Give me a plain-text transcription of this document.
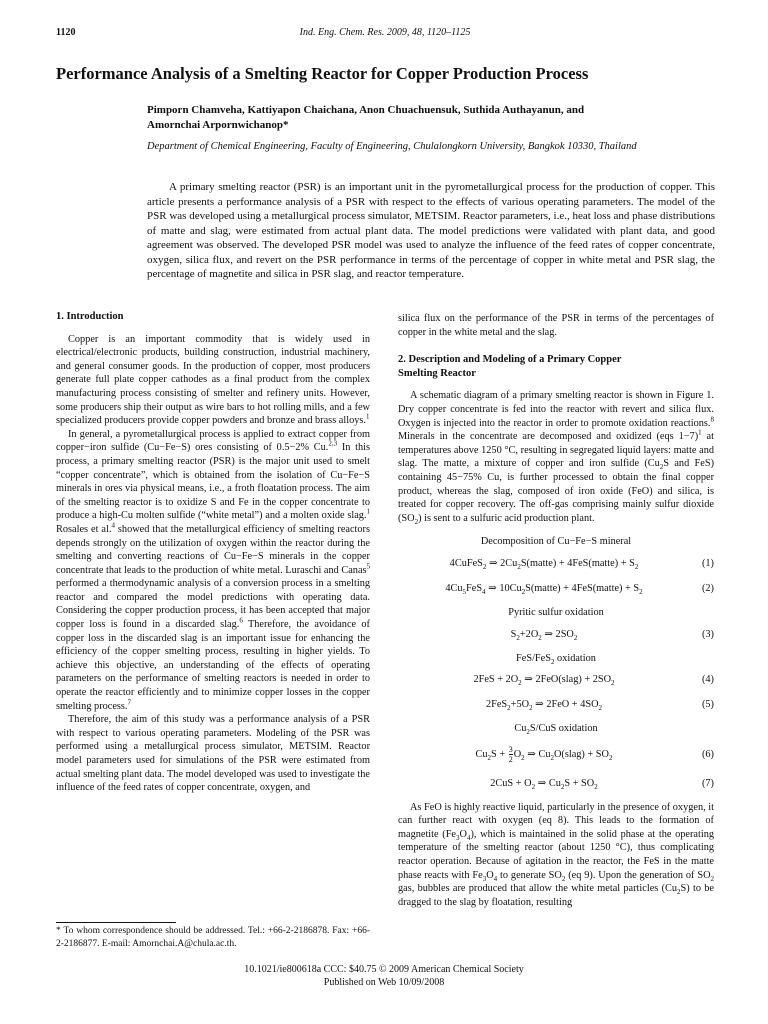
1120	Ind. Eng. Chem. Res. 2009, 48, 1120–1125
Performance Analysis of a Smelting Reactor for Copper Production Process
Pimporn Chamveha, Kattiyapon Chaichana, Anon Chuachuensuk, Suthida Authayanun, and
Amornchai Arpornwichanop*
Department of Chemical Engineering, Faculty of Engineering, Chulalongkorn University, Bangkok 10330, Thailand

A primary smelting reactor (PSR) is an important unit in the pyrometallurgical process for the production of copper. This article presents a performance analysis of a PSR with respect to the effects of various operating parameters. The model of the PSR was developed using a metallurgical process simulator, METSIM. Reactor parameters, i.e., heat loss and phase distributions of matte and slag, were estimated from actual plant data. The model predictions were validated with plant data, and good agreement was observed. The developed PSR model was used to analyze the influence of the feed rates of copper concentrate, oxygen, silica flux, and revert on the PSR performance in terms of the percentage of copper in white metal and PSR slag, the percentage of magnetite and silica in PSR slag, and reactor temperature.

1. Introduction

Copper is an important commodity that is widely used in electrical/electronic products, building construction, industrial machinery, and general consumer goods. In the production of copper, most producers generate full plate copper cathodes as a final product from the complex manufacturing process consisting of smelter and refinery units. However, some producers ship their output as wire bars to hot rolling mills, and a few specialized producers provide copper powders and bronze and brass alloys.$^1$

In general, a pyrometallurgical process is applied to extract copper from copper−iron sulfide (Cu−Fe−S) ores consisting of 0.5−2% Cu.$^{2,3}$ In this process, a primary smelting reactor (PSR) is the major unit used to smelt “copper concentrate”, which is obtained from the isolation of Cu−Fe−S minerals in ores via physical means, i.e., a froth floatation process. The aim of the smelting reactor is to oxidize S and Fe in the copper concentrate to produce a high-Cu molten sulfide (“white metal”) and a molten oxide slag.$^1$ Rosales et al.$^4$ showed that the metallurgical efficiency of smelting reactors depends strongly on the utilization of oxygen within the reactor during the smelting and converting reactions of Cu−Fe−S minerals in the copper concentrate that leads to the production of white metal. Luraschi and Canas$^5$ performed a thermodynamic analysis of a conversion process in a smelting reactor and compared the model predictions with operating data. Considering the copper production process, it has been accepted that major copper loss is found in a discarded slag.$^6$ Therefore, the avoidance of copper loss in the discarded slag is an important issue for enhancing the efficiency of the copper smelting process, resulting in higher yields. To achieve this objective, an understanding of the effects of operating parameters on the performance of smelting reactors is needed in order to operate the reactor efficiently and to minimize copper losses in the copper smelting process.$^7$

Therefore, the aim of this study was a performance analysis of a PSR with respect to various operating parameters. Modeling of the PSR was performed using a metallurgical process simulator, METSIM. Reactor model parameters used for simulations of the PSR were estimated from actual smelting plant data. The model developed was used to investigate the influence of the feed rates of copper concentrate, oxygen, and

silica flux on the performance of the PSR in terms of the percentages of copper in the white metal and the slag.

2. Description and Modeling of a Primary Copper
Smelting Reactor

A schematic diagram of a primary smelting reactor is shown in Figure 1. Dry copper concentrate is fed into the reactor with revert and silica flux. Oxygen is injected into the reactor in order to promote oxidation reactions.$^8$ Minerals in the concentrate are decomposed and oxidized (eqs 1−7)$^1$ at temperatures above 1250 °C, resulting in segregated liquid layers: matte and slag. The matte, a mixture of copper and iron sulfide ($Cu_2S$ and FeS) containing 45−75% Cu, is further processed to obtain the final copper product, whereas the slag, composed of iron oxide (FeO) and silica, is treated for copper recovery. The off-gas comprising mainly sulfur dioxide $(SO_2)$ is sent to a sulfuric acid production plant.

Decomposition of Cu−Fe−S mineral
4CuFeS$_2$ ⇒ $2Cu_2S(matte)$ + 4FeS(matte) + $S_2$	(1)
$4Cu_5FeS_4$ ⇒ $10Cu_2S(matte)$ + 4FeS(matte) + $S_2$	(2)
Pyritic sulfur oxidation
$S_2+2O_2$ ⇒ $2SO_2$	(3)
FeS/FeS$_2$ oxidation
$2FeS + 2O_2$ ⇒ 2FeO(slag) + $2SO_2$	(4)
$2FeS_2+5O_2$ ⇒ $2FeO + 4SO_2$	(5)
$Cu_2S$/CuS oxidation
$Cu_2S + \frac{3}{2} O_2$ ⇒ $Cu_2O(slag) + SO_2$	(6)
$2CuS + O_2$ ⇒ $Cu_2S + SO_2$	(7)

As FeO is highly reactive liquid, particularly in the presence of oxygen, it can further react with oxygen (eq 8). This leads to the formation of magnetite $(Fe_3O_4)$, which is maintained in the solid phase at the operating temperature of the smelting reactor (about 1250 °C), thus complicating reactor operation. Because of agitation in the reactor, the FeS in the matte phase reacts with $Fe_3O_4$ to generate $SO_2$ (eq 9). Upon the generation of $SO_2$ gas, bubbles are produced that allow the white metal particles $(Cu_2S)$ to be dragged to the slag by floatation, resulting

* To whom correspondence should be addressed. Tel.: +66-2-2186878. Fax: +66-2-2186877. E-mail: Amornchai.A@chula.ac.th.
10.1021/ie800618a CCC: $40.75 © 2009 American Chemical Society
Published on Web 10/09/2008
